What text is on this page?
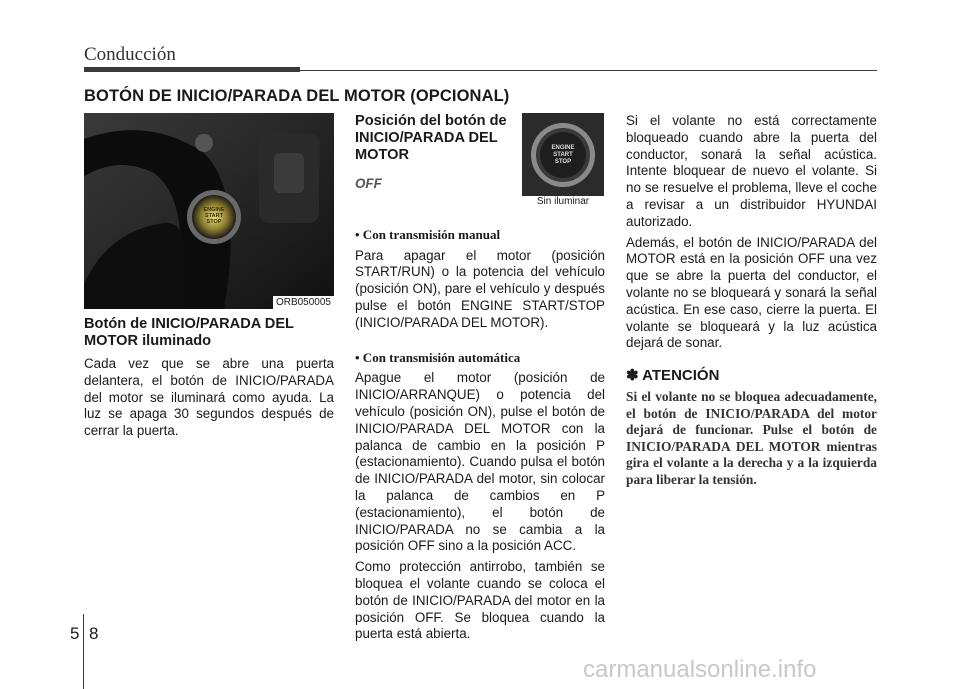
Conducción
BOTÓN DE INICIO/PARADA DEL MOTOR (OPCIONAL)
ENGINE
START
STOP
ORB050005
ENGINE
START
STOP
Sin iluminar
Botón de INICIO/PARADA DEL MOTOR iluminado

Cada vez que se abre una puerta delantera, el botón de INICIO/PARADA del motor se iluminará como ayuda. La luz se apaga 30 segundos después de cerrar la puerta.

Posición del botón de INICIO/PARADA DEL MOTOR
OFF
• Con transmisión manual

Para apagar el motor (posición START/RUN) o la potencia del vehículo (posición ON), pare el vehículo y después pulse el botón ENGINE START/STOP (INICIO/PARADA DEL MOTOR).

• Con transmisión automática

Apague el motor (posición de INICIO/ARRANQUE) o potencia del vehículo (posición ON), pulse el botón de INICIO/PARADA DEL MOTOR con la palanca de cambio en la posición P (estacionamiento). Cuando pulsa el botón de INICIO/PARADA del motor, sin colocar la palanca de cambios en P (estacionamiento), el botón de INICIO/PARADA no se cambia a la posición OFF sino a la posición ACC.

Como protección antirrobo, también se bloquea el volante cuando se coloca el botón de INICIO/PARADA del motor en la posición OFF. Se bloquea cuando la puerta está abierta.

Si el volante no está correctamente bloqueado cuando abre la puerta del conductor, sonará la señal acústica. Intente bloquear de nuevo el volante. Si no se resuelve el problema, lleve el coche a revisar a un distribuidor HYUNDAI autorizado.

Además, el botón de INICIO/PARADA del MOTOR está en la posición OFF una vez que se abre la puerta del conductor, el volante no se bloqueará y sonará la señal acústica. En ese caso, cierre la puerta. El volante se bloqueará y la luz acústica dejará de sonar.

✽ ATENCIÓN

Si el volante no se bloquea adecuadamente, el botón de INICIO/PARADA del motor dejará de funcionar. Pulse el botón de INICIO/PARADA DEL MOTOR mientras gira el volante a la derecha y a la izquierda para liberar la tensión.

5 8
carmanualsonline.info
